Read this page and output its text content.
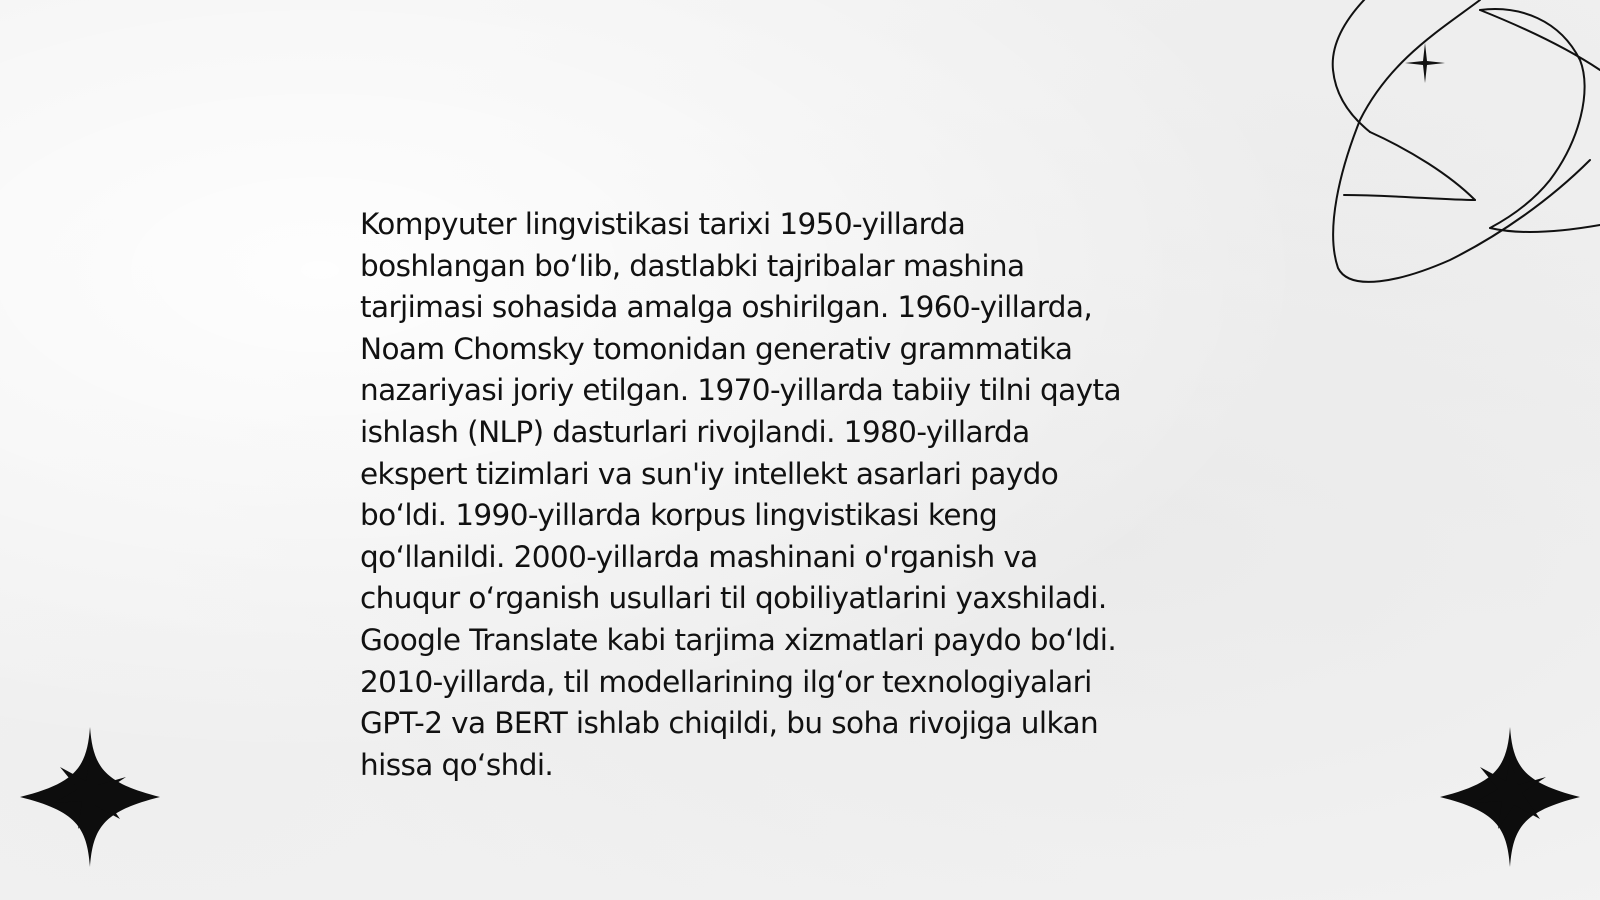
Kompyuter lingvistikasi tarixi 1950-yillarda
boshlangan bo‘lib, dastlabki tajribalar mashina
tarjimasi sohasida amalga oshirilgan. 1960-yillarda,
Noam Chomsky tomonidan generativ grammatika
nazariyasi joriy etilgan. 1970-yillarda tabiiy tilni qayta
ishlash (NLP) dasturlari rivojlandi. 1980-yillarda
ekspert tizimlari va sun'iy intellekt asarlari paydo
bo‘ldi. 1990-yillarda korpus lingvistikasi keng
qo‘llanildi. 2000-yillarda mashinani o'rganish va
chuqur o‘rganish usullari til qobiliyatlarini yaxshiladi.
Google Translate kabi tarjima xizmatlari paydo bo‘ldi.
2010-yillarda, til modellarining ilg‘or texnologiyalari
GPT-2 va BERT ishlab chiqildi, bu soha rivojiga ulkan
hissa qo‘shdi.
